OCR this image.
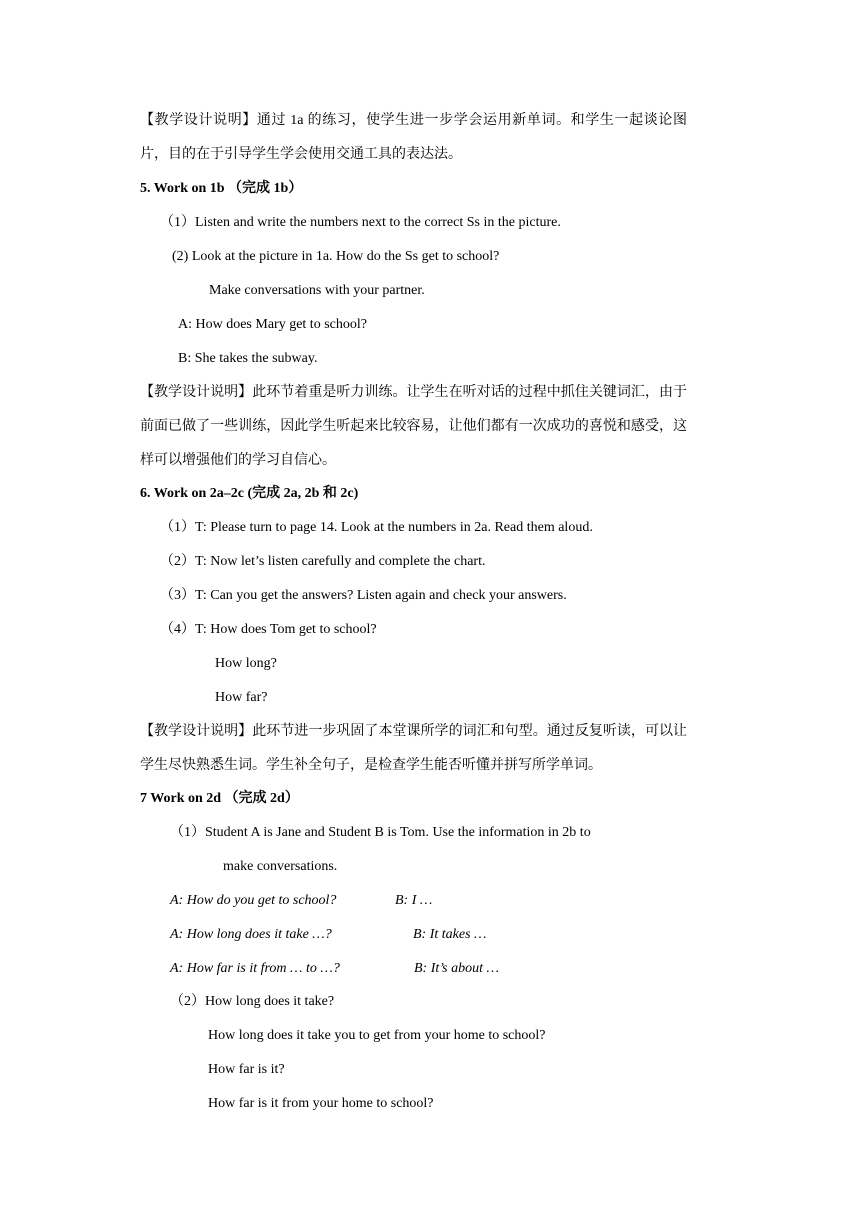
【教学设计说明】通过 1a 的练习，使学生进一步学会运用新单词。和学生一起谈论图片，目的在于引导学生学会使用交通工具的表达法。
5. Work on 1b （完成 1b）
（1）Listen and write the numbers next to the correct Ss in the picture.
(2) Look at the picture in 1a. How do the Ss get to school?
Make conversations with your partner.
A: How does Mary get to school?
B: She takes the subway.
【教学设计说明】此环节着重是听力训练。让学生在听对话的过程中抓住关键词汇，由于前面已做了一些训练，因此学生听起来比较容易，让他们都有一次成功的喜悦和感受，这样可以增强他们的学习自信心。
6. Work on 2a–2c (完成 2a, 2b 和 2c)
（1）T: Please turn to page 14. Look at the numbers in 2a. Read them aloud.
（2）T: Now let’s listen carefully and complete the chart.
（3）T: Can you get the answers? Listen again and check your answers.
（4）T: How does Tom get to school?
How long?
How far?
【教学设计说明】此环节进一步巩固了本堂课所学的词汇和句型。通过反复听读，可以让学生尽快熟悉生词。学生补全句子，是检查学生能否听懂并拼写所学单词。
7 Work on 2d （完成 2d）
（1）Student A is Jane and Student B is Tom. Use the information in 2b to
make conversations.
A: How do you get to school?	B: I …
A: How long does it take …?	B: It takes …
A: How far is it from … to …?	B: It’s about …
（2）How long does it take?
How long does it take you to get from your home to school?
How far is it?
How far is it from your home to school?
